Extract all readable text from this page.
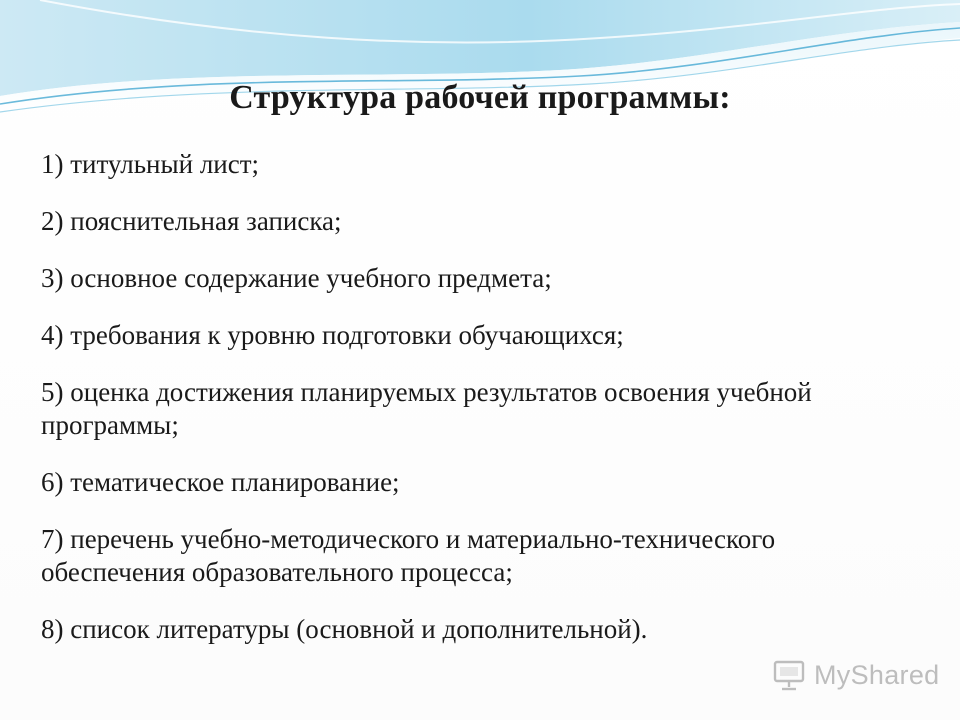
Структура рабочей программы:
1) титульный лист;
2) пояснительная записка;
3) основное содержание учебного предмета;
4) требования к уровню подготовки обучающихся;
5) оценка достижения планируемых результатов освоения учебной программы;
6) тематическое планирование;
7) перечень учебно-методического и материально-технического обеспечения образовательного процесса;
8) список литературы (основной и дополнительной).
MyShared
